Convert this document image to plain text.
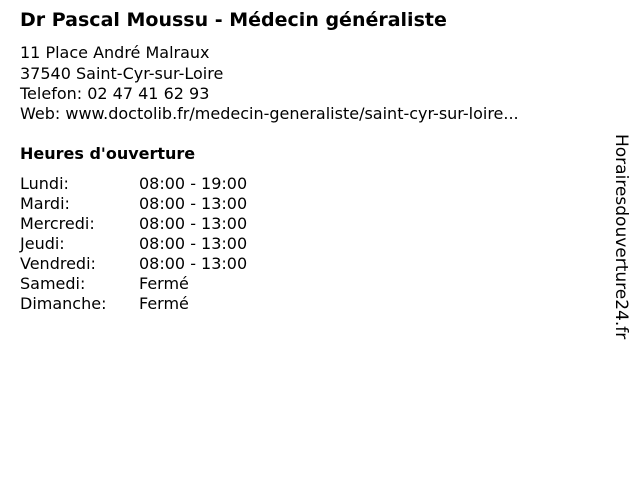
Dr Pascal Moussu - Médecin généraliste
11 Place André Malraux
37540 Saint-Cyr-sur-Loire
Telefon: 02 47 41 62 93
Web: www.doctolib.fr/medecin-generaliste/saint-cyr-sur-loire...
Heures d'ouverture
Lundi:	08:00 - 19:00
Mardi:	08:00 - 13:00
Mercredi:	08:00 - 13:00
Jeudi:	08:00 - 13:00
Vendredi:	08:00 - 13:00
Samedi:	Fermé
Dimanche: Fermé	Horairesdouverture24.fr
